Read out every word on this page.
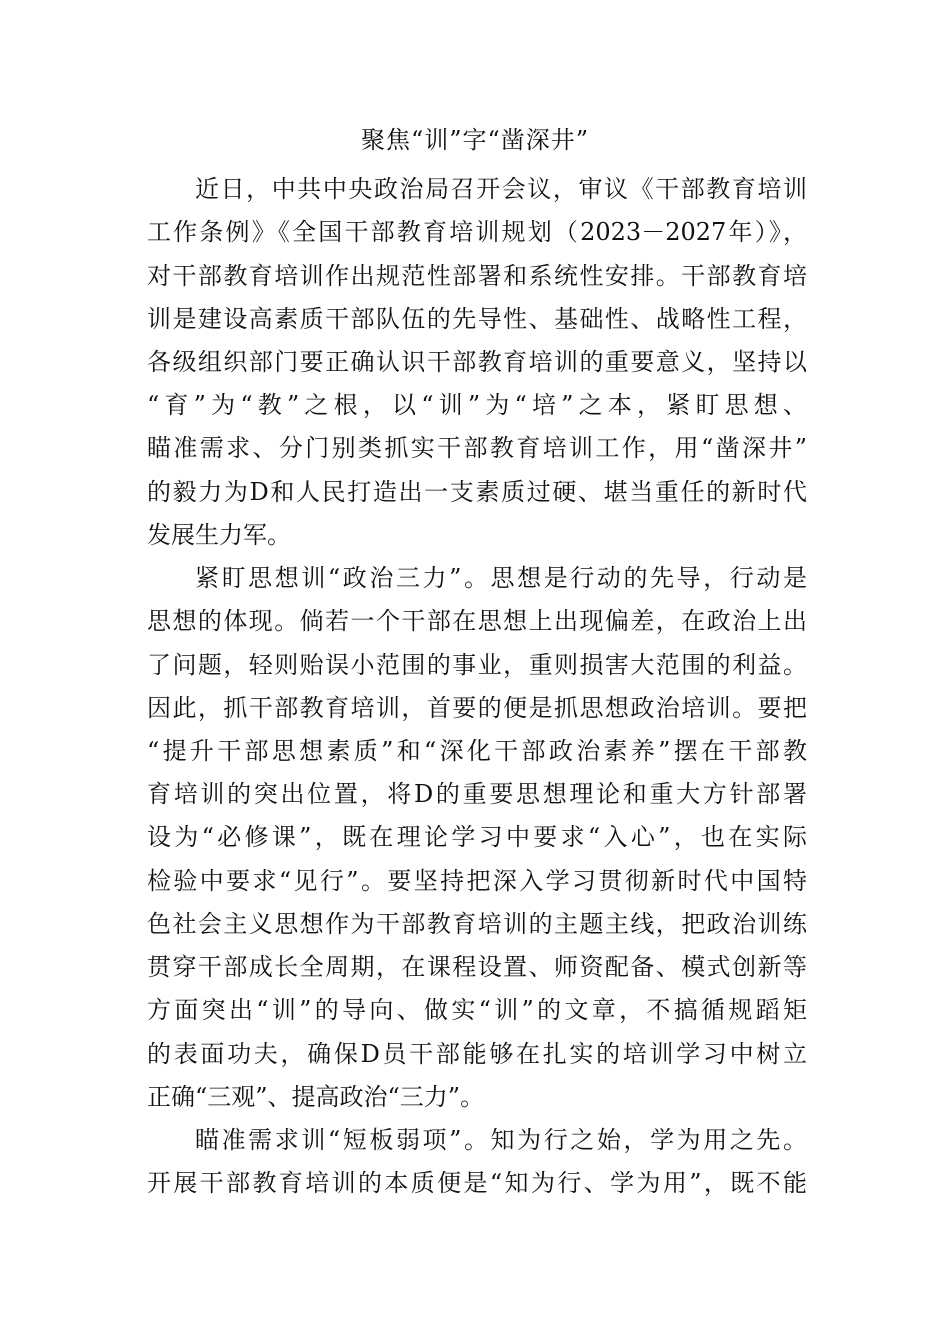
聚焦“训”字“凿深井”
近日，中共中央政治局召开会议，审议《干部教育培训
工作条例》《全国干部教育培训规划（2023－2027年）》，
对干部教育培训作出规范性部署和系统性安排。干部教育培
训是建设高素质干部队伍的先导性、基础性、战略性工程，
各级组织部门要正确认识干部教育培训的重要意义，坚持以
“育”为“教”之根，以“训”为“培”之本，紧盯思想、
瞄准需求、分门别类抓实干部教育培训工作，用“凿深井”
的毅力为D和人民打造出一支素质过硬、堪当重任的新时代
发展生力军。
紧盯思想训“政治三力”。思想是行动的先导，行动是
思想的体现。倘若一个干部在思想上出现偏差，在政治上出
了问题，轻则贻误小范围的事业，重则损害大范围的利益。
因此，抓干部教育培训，首要的便是抓思想政治培训。要把
“提升干部思想素质”和“深化干部政治素养”摆在干部教
育培训的突出位置，将D的重要思想理论和重大方针部署
设为“必修课”，既在理论学习中要求“入心”，也在实际
检验中要求“见行”。要坚持把深入学习贯彻新时代中国特
色社会主义思想作为干部教育培训的主题主线，把政治训练
贯穿干部成长全周期，在课程设置、师资配备、模式创新等
方面突出“训”的导向、做实“训”的文章，不搞循规蹈矩
的表面功夫，确保D员干部能够在扎实的培训学习中树立
正确“三观”、提高政治“三力”。
瞄准需求训“短板弱项”。知为行之始，学为用之先。
开展干部教育培训的本质便是“知为行、学为用”，既不能
